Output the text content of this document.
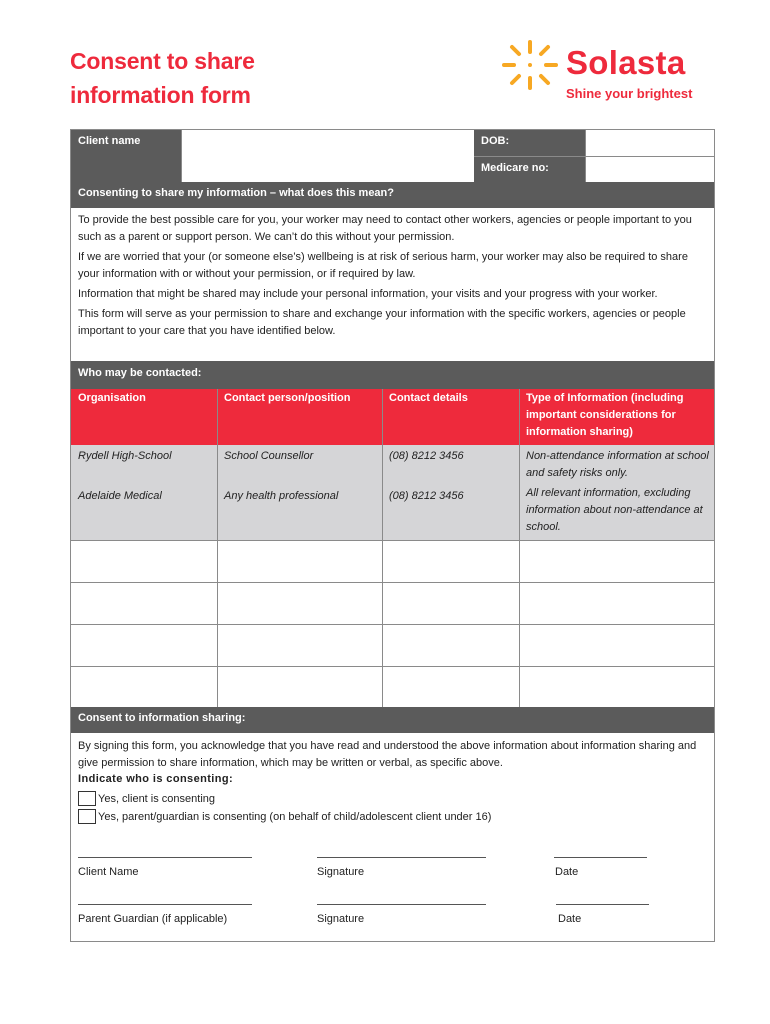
Consent to share
information form
Solasta
Shine your brightest
Client name	DOB:
Medicare no:
Consenting to share my information – what does this mean?

To provide the best possible care for you, your worker may need to contact other workers, agencies or people important to you such as a parent or support person. We can’t do this without your permission.

If we are worried that your (or someone else’s) wellbeing is at risk of serious harm, your worker may also be required to share your information with or without your permission, or if required by law.

Information that might be shared may include your personal information, your visits and your progress with your worker.

This form will serve as your permission to share and exchange your information with the specific workers, agencies or people important to your care that you have identified below.

Who may be contacted:
Organisation	Contact person/position	Contact details	Type of Information (including important considerations for information sharing)
Rydell High-School	School Counsellor	(08) 8212 3456	Non-attendance information at school and safety risks only.
Adelaide Medical	Any health professional	(08) 8212 3456	All relevant information, excluding information about non-attendance at school.
Consent to information sharing:
By signing this form, you acknowledge that you have read and understood the above information about information sharing and give permission to share information, which may be written or verbal, as specific above.
Indicate who is consenting:
Yes, client is consenting
Yes, parent/guardian is consenting (on behalf of child/adolescent client under 16)
Client Name	Signature	Date
Parent Guardian (if applicable)	Signature	Date
